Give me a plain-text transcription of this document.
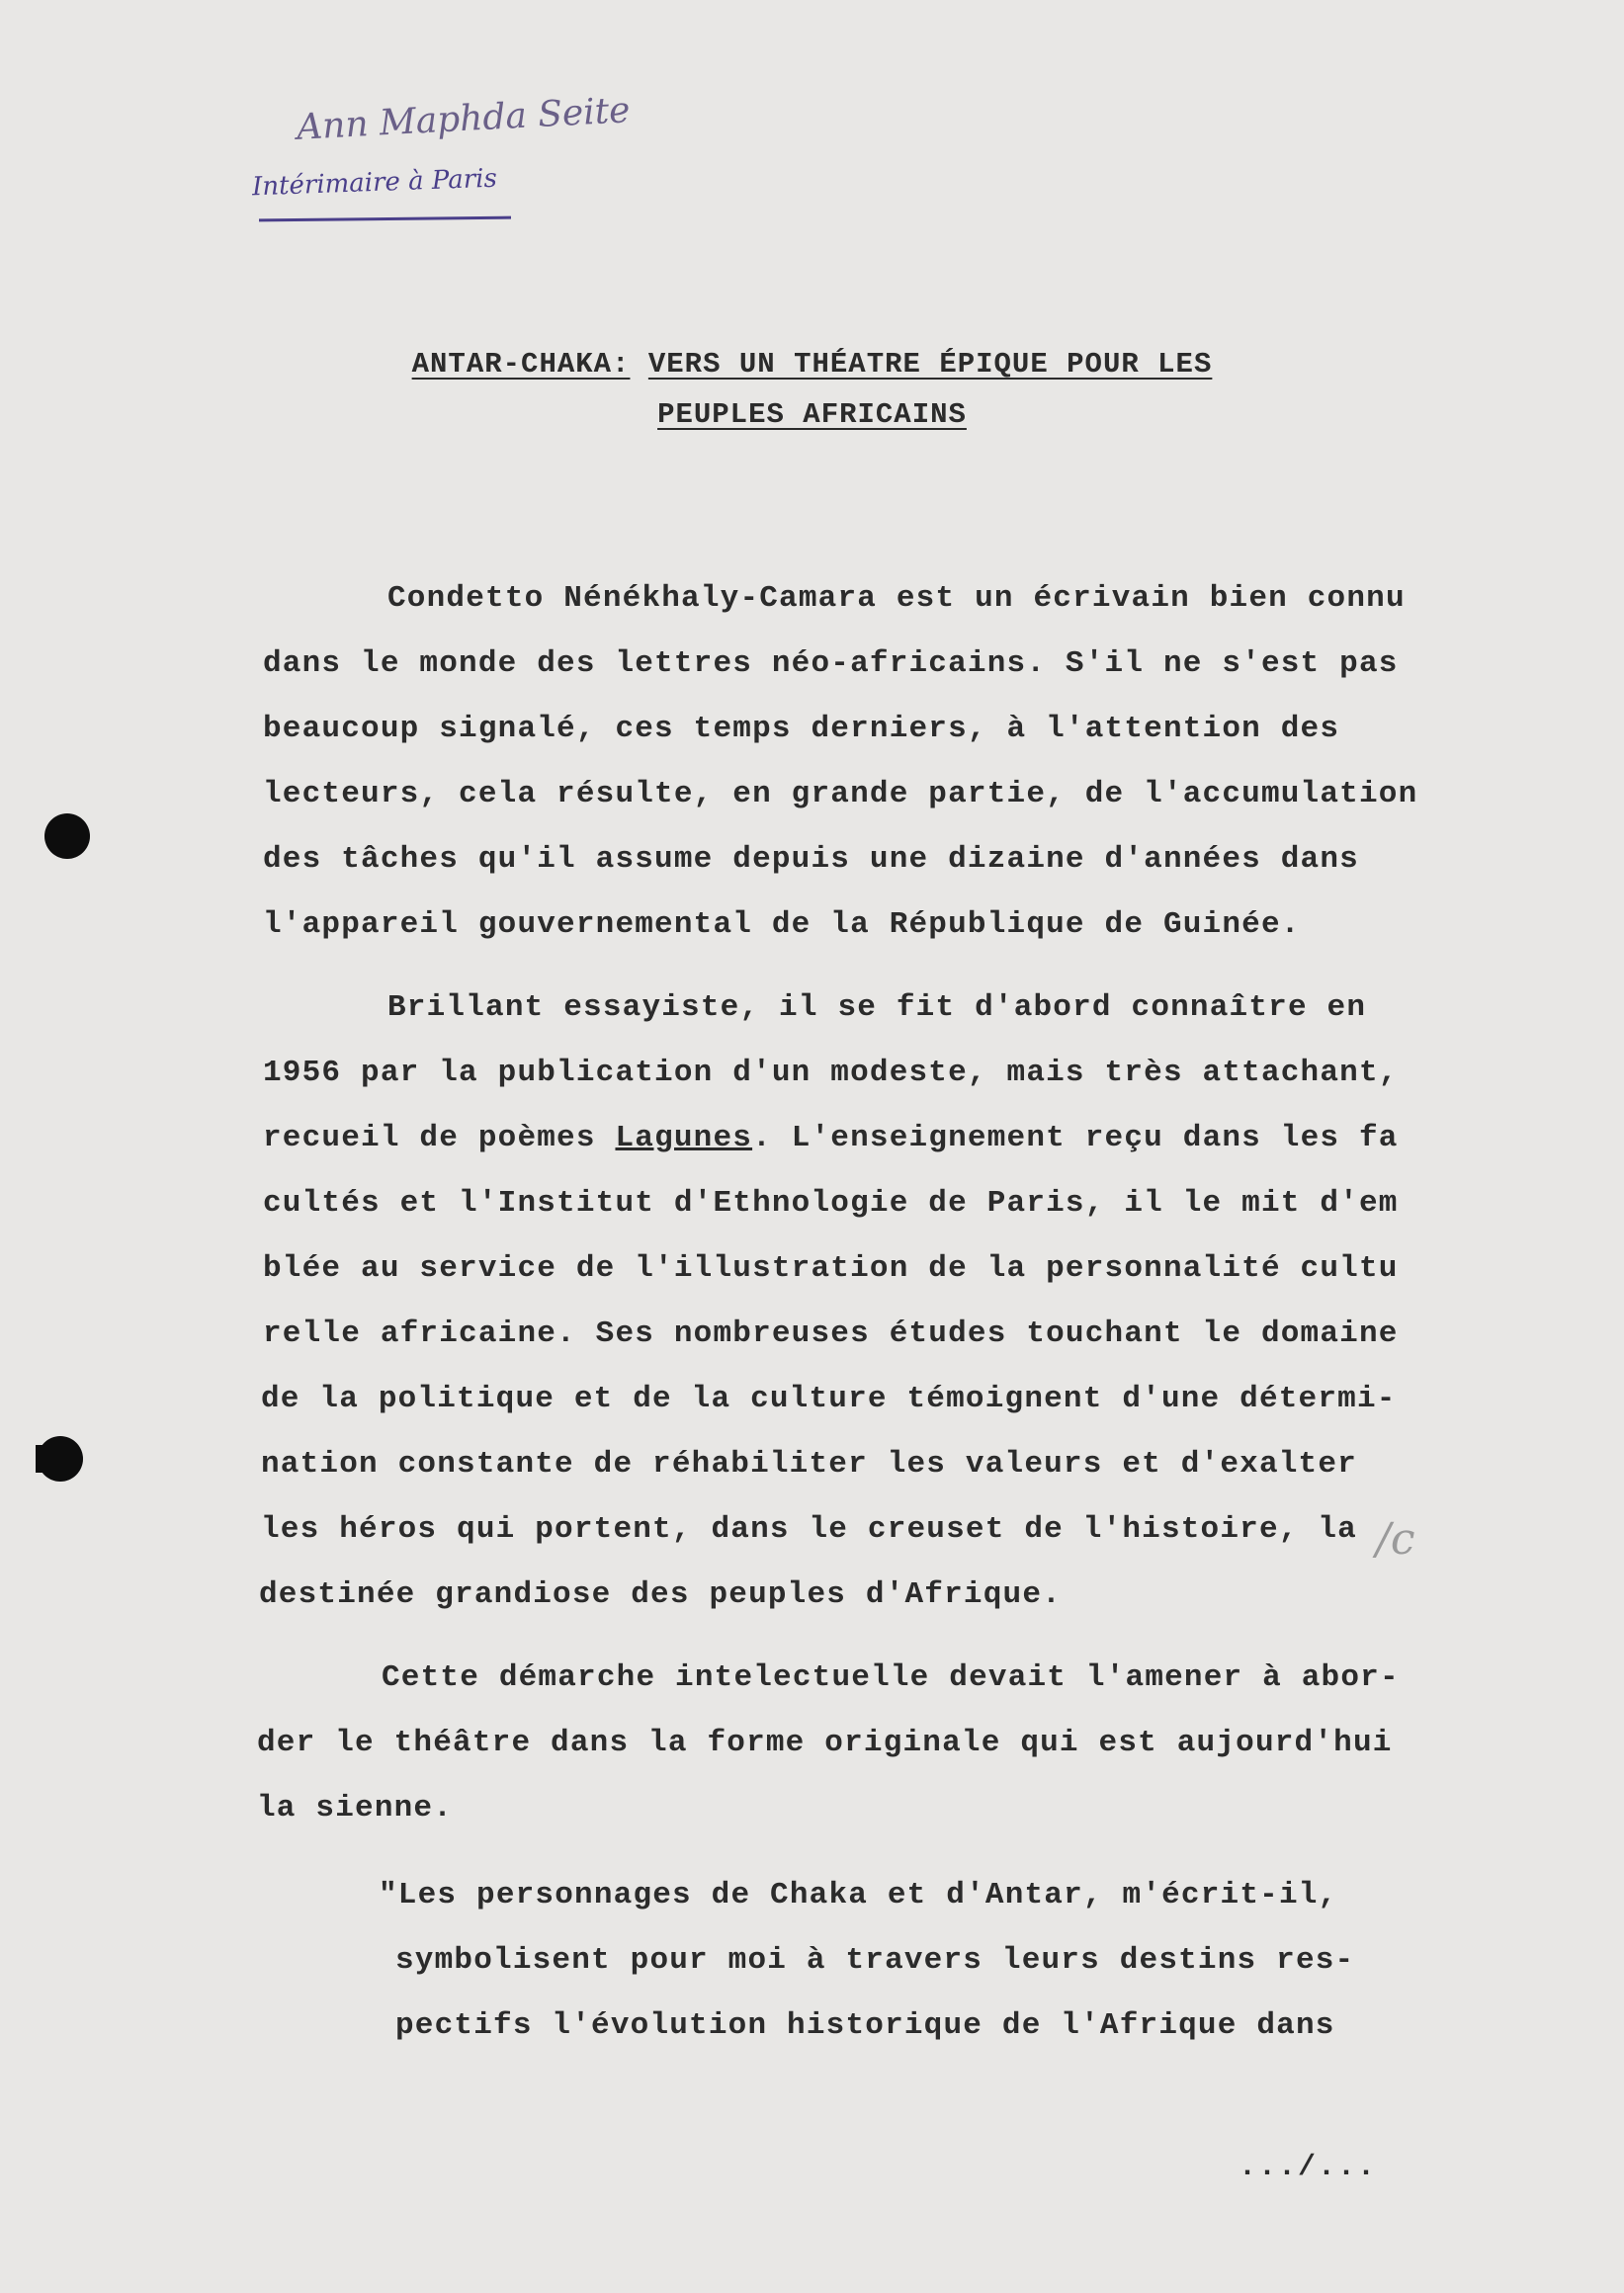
Ann Maphda Seite
Intérimaire à Paris
ANTAR-CHAKA: VERS UN THÉATRE ÉPIQUE POUR LES
PEUPLES AFRICAINS
Condetto Nénékhaly-Camara est un écrivain bien connu
dans le monde des lettres néo-africains. S'il ne s'est pas
beaucoup signalé, ces temps derniers, à l'attention des
lecteurs, cela résulte, en grande partie, de l'accumulation
des tâches qu'il assume depuis une dizaine d'années dans
l'appareil gouvernemental de la République de Guinée.
Brillant essayiste, il se fit d'abord connaître en
1956 par la publication d'un modeste, mais très attachant,
recueil de poèmes Lagunes. L'enseignement reçu dans les fa
cultés et l'Institut d'Ethnologie de Paris, il le mit d'em
blée au service de l'illustration de la personnalité cultu
relle africaine. Ses nombreuses études touchant le domaine
de la politique et de la culture témoignent d'une détermi-
nation constante de réhabiliter les valeurs et d'exalter
les héros qui portent, dans le creuset de l'histoire, la
destinée grandiose des peuples d'Afrique.
Cette démarche intelectuelle devait l'amener à abor-
der le théâtre dans la forme originale qui est aujourd'hui
la sienne.
"Les personnages de Chaka et d'Antar, m'écrit-il,
symbolisent pour moi à travers leurs destins res-
pectifs l'évolution historique de l'Afrique dans
/c
.../...
